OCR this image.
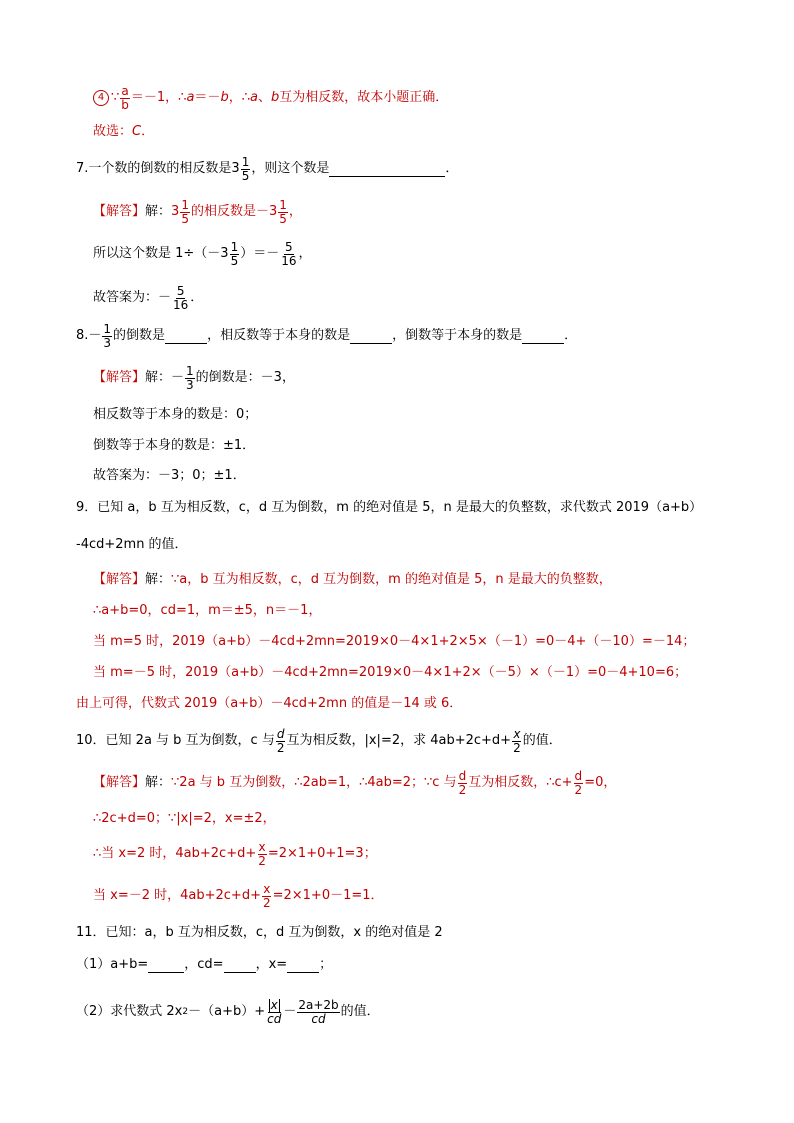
4 ∵ a
b ＝－1，∴ a ＝－ b ，∴ a 、 b 互为相反数，故本小题正确．
故选： C ．
7.一个数的倒数的相反数是 3 1
5 ，则这个数是	．
【解答】 解： 3 1
5 的相反数是－ 3 1
5 ，
所以这个数是 1÷（－3 1
5 ）＝－ 5
16 ，
故答案为：－ 5
16 ．
8.－ 1
3 的倒数是	，相反数等于本身的数是	，倒数等于本身的数是	．
【解答】 解：－ 1
3 的倒数是：－3，
相反数等于本身的数是：0；
倒数等于本身的数是：±1．
故答案为：－3；0；±1．
9．已知 a，b 互为相反数，c，d 互为倒数，m 的绝对值是 5，n 是最大的负整数，求代数式 2019（a+b）
-4cd+2mn 的值．
【解答】 解： ∵a，b 互为相反数，c，d 互为倒数，m 的绝对值是 5，n 是最大的负整数，
∴a+b=0，cd=1，m＝±5，n＝－1，
当 m=5 时，2019（a+b）－4cd+2mn=2019×0－4×1+2×5×（－1）=0－4+（－10）=－14；
当 m=－5 时，2019（a+b）－4cd+2mn=2019×0－4×1+2×（－5）×（－1）=0－4+10=6；
由上可得，代数式 2019（a+b）－4cd+2mn 的值是－14 或 6．
10．已知 2a 与 b 互为倒数，c 与 d
2 互为相反数，|x|=2，求 $4ab+2c+d+ \frac{x}{2}$ 的值．
【解答】 解： ∵2a 与 b 互为倒数，∴2ab=1，∴4ab=2；∵c 与 d
2 互为相反数，∴c+ $\frac{d}{2} =0$，
∴2c+d=0；∵|x|=2，x=±2，
∴当 x=2 时，$4ab+2c+d+ \frac{x}{2} =2\times 1+0+1=3$；
当 x=－2 时，$4ab+2c+d+ \frac{x}{2} =2\times 1+0-1=1$．
11．已知：a，b 互为相反数，c，d 互为倒数，x 的绝对值是 2
（1）a+b=	，cd= ，x= ；
（2）求代数式 2x $2 -(a+b)+ \frac{x}{cd} - 2a+2b$
cd 的值．
